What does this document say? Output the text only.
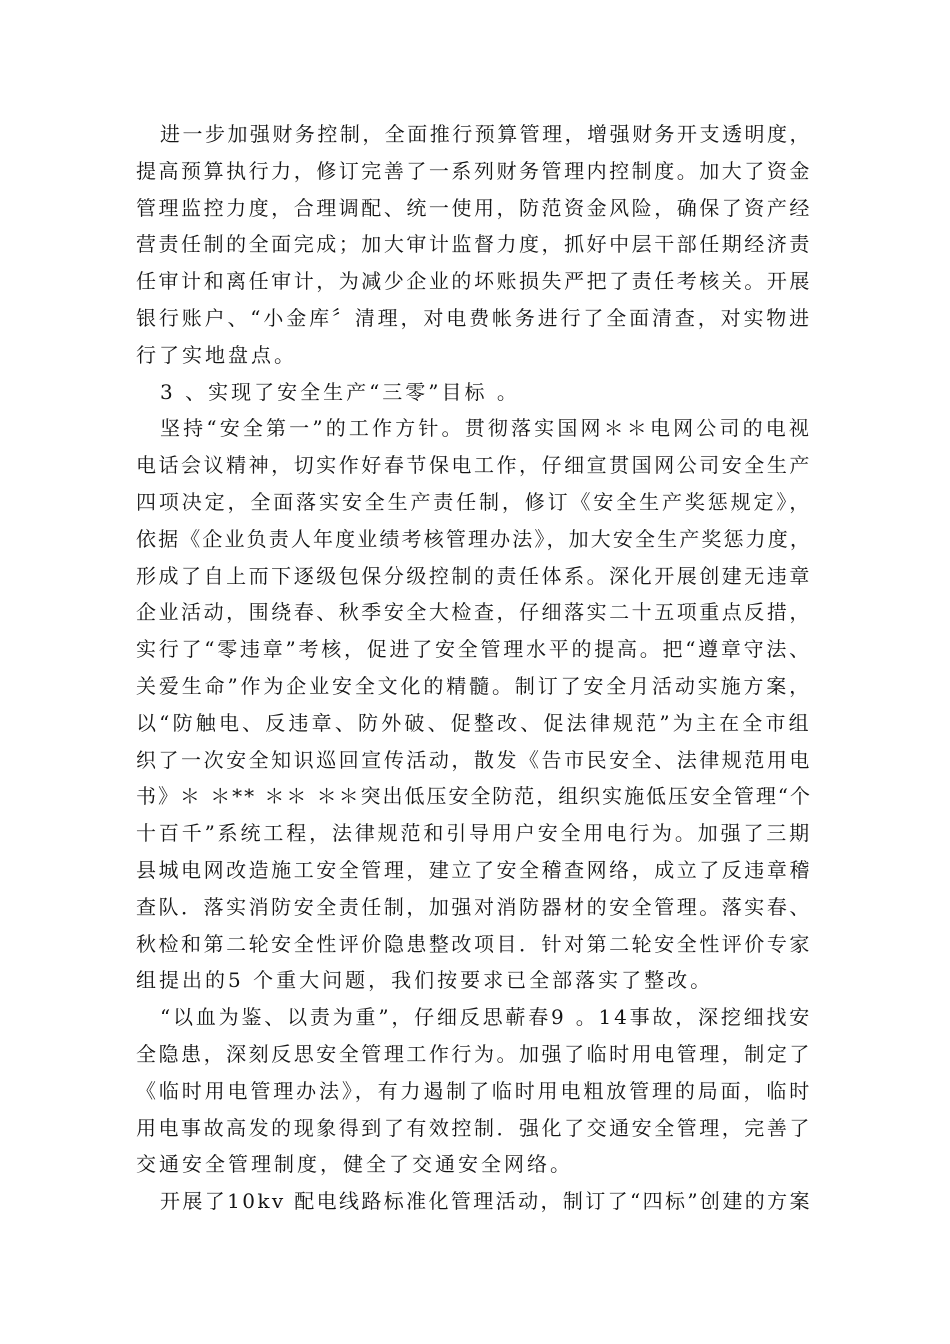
进一步加强财务控制，全面推行预算管理，增强财务开支透明度，
提高预算执行力，修订完善了一系列财务管理内控制度。加大了资金
管理监控力度，合理调配、统一使用，防范资金风险，确保了资产经
营责任制的全面完成；加大审计监督力度，抓好中层干部任期经济责
任审计和离任审计，为减少企业的坏账损失严把了责任考核关。开展
银行账户、“小金库〞清理，对电费帐务进行了全面清查，对实物进
行了实地盘点。
3 、实现了安全生产“三零”目标 。
坚持“安全第一”的工作方针。贯彻落实国网＊＊电网公司的电视
电话会议精神，切实作好春节保电工作，仔细宣贯国网公司安全生产
四项决定，全面落实安全生产责任制，修订《安全生产奖惩规定》，
依据《企业负责人年度业绩考核管理办法》，加大安全生产奖惩力度，
形成了自上而下逐级包保分级控制的责任体系。深化开展创建无违章
企业活动，围绕春、秋季安全大检查，仔细落实二十五项重点反措，
实行了“零违章”考核，促进了安全管理水平的提高。把“遵章守法、
关爱生命”作为企业安全文化的精髓。制订了安全月活动实施方案，
以“防触电、反违章、防外破、促整改、促法律规范”为主在全市组
织了一次安全知识巡回宣传活动，散发《告市民安全、法律规范用电
书》＊ ＊** ＊＊ ＊＊突出低压安全防范，组织实施低压安全管理“个
十百千”系统工程，法律规范和引导用户安全用电行为。加强了三期
县城电网改造施工安全管理，建立了安全稽查网络，成立了反违章稽
查队．落实消防安全责任制，加强对消防器材的安全管理。落实春、
秋检和第二轮安全性评价隐患整改项目．针对第二轮安全性评价专家
组提出的5 个重大问题，我们按要求已全部落实了整改。
“以血为鉴、以责为重”，仔细反思蕲春9 。14事故，深挖细找安
全隐患，深刻反思安全管理工作行为。加强了临时用电管理，制定了
《临时用电管理办法》，有力遏制了临时用电粗放管理的局面，临时
用电事故高发的现象得到了有效控制．强化了交通安全管理，完善了
交通安全管理制度，健全了交通安全网络。
开展了10kv 配电线路标准化管理活动，制订了“四标”创建的方案
